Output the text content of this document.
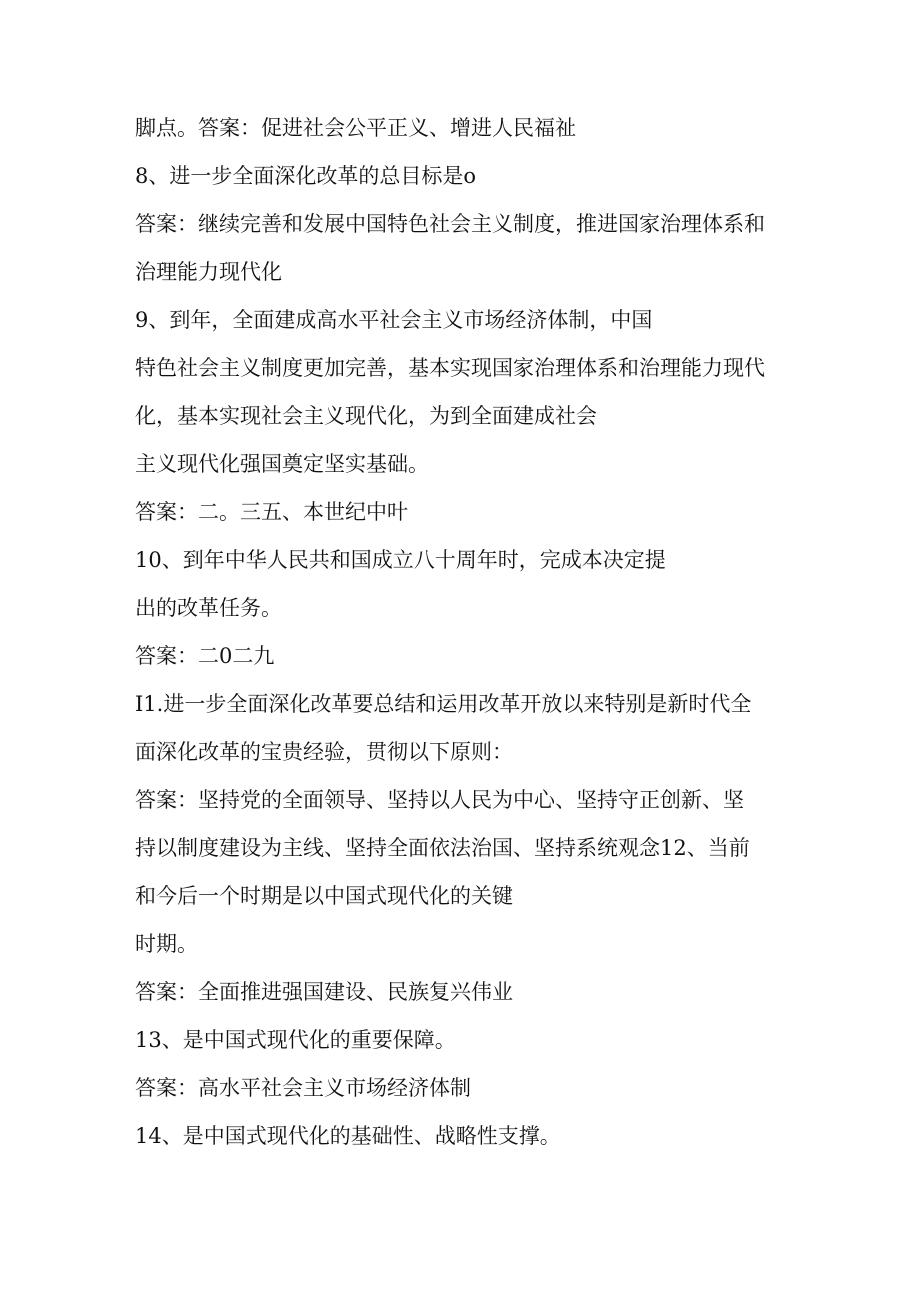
脚点。答案：促进社会公平正义、增进人民福祉

8、进一步全面深化改革的总目标是o

答案：继续完善和发展中国特色社会主义制度，推进国家治理体系和

治理能力现代化

9、到年，全面建成高水平社会主义市场经济体制，中国

特色社会主义制度更加完善，基本实现国家治理体系和治理能力现代

化，基本实现社会主义现代化，为到全面建成社会

主义现代化强国奠定坚实基础。

答案：二。三五、本世纪中叶

10、到年中华人民共和国成立八十周年时，完成本决定提

出的改革任务。

答案：二0二九

I1.进一步全面深化改革要总结和运用改革开放以来特别是新时代全

面深化改革的宝贵经验，贯彻以下原则：

答案：坚持党的全面领导、坚持以人民为中心、坚持守正创新、坚

持以制度建设为主线、坚持全面依法治国、坚持系统观念12、当前

和今后一个时期是以中国式现代化的关键

时期。

答案：全面推进强国建设、民族复兴伟业

13、是中国式现代化的重要保障。

答案：高水平社会主义市场经济体制

14、是中国式现代化的基础性、战略性支撑。
